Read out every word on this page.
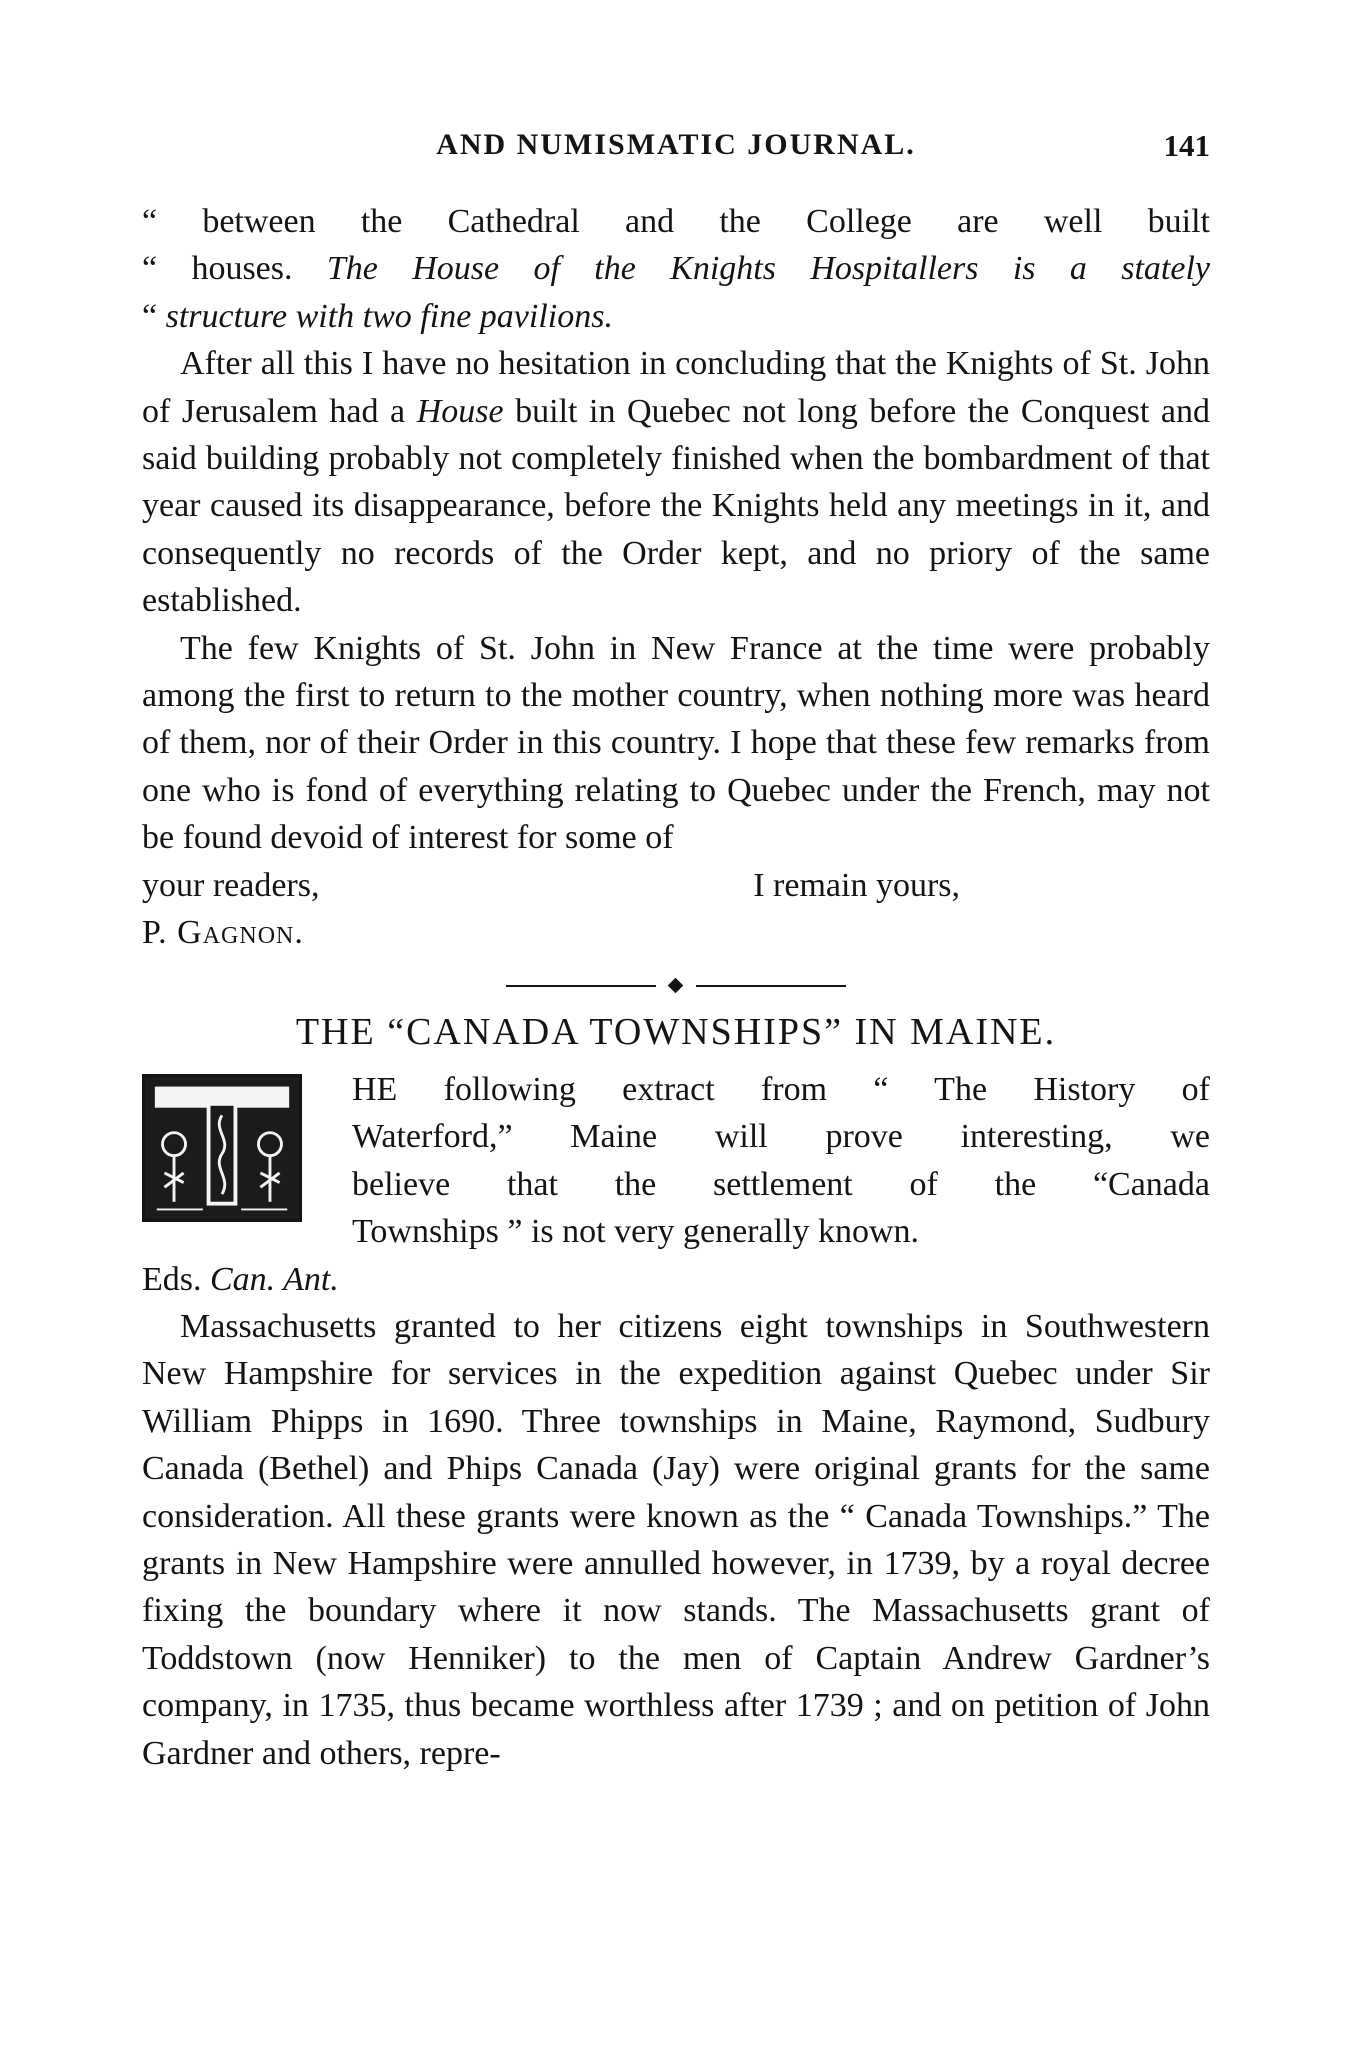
AND NUMISMATIC JOURNAL.	141

“ between the Cathedral and the College are well built

“ houses. The House of the Knights Hospitallers is a stately

“ structure with two fine pavilions.

After all this I have no hesitation in concluding that the Knights of St. John of Jerusalem had a House built in Quebec not long before the Conquest and said building probably not completely finished when the bombardment of that year caused its disappearance, before the Knights held any meetings in it, and consequently no records of the Order kept, and no priory of the same established.

The few Knights of St. John in New France at the time were probably among the first to return to the mother country, when nothing more was heard of them, nor of their Order in this country. I hope that these few remarks from one who is fond of everything relating to Quebec under the French, may not be found devoid of interest for some of

your readers,	I remain yours,

P. Gagnon.

THE “CANADA TOWNSHIPS” IN MAINE.

HE following extract from “ The History of

Waterford,” Maine will prove interesting, we

believe that the settlement of the “Canada

Townships ” is not very generally known.

Eds. Can. Ant.

Massachusetts granted to her citizens eight townships in Southwestern New Hampshire for services in the expedition against Quebec under Sir William Phipps in 1690. Three townships in Maine, Raymond, Sudbury Canada (Bethel) and Phips Canada (Jay) were original grants for the same consideration. All these grants were known as the “ Canada Townships.” The grants in New Hampshire were annulled however, in 1739, by a royal decree fixing the boundary where it now stands. The Massachusetts grant of Toddstown (now Henniker) to the men of Captain Andrew Gardner’s company, in 1735, thus became worthless after 1739 ; and on petition of John Gardner and others, repre-
